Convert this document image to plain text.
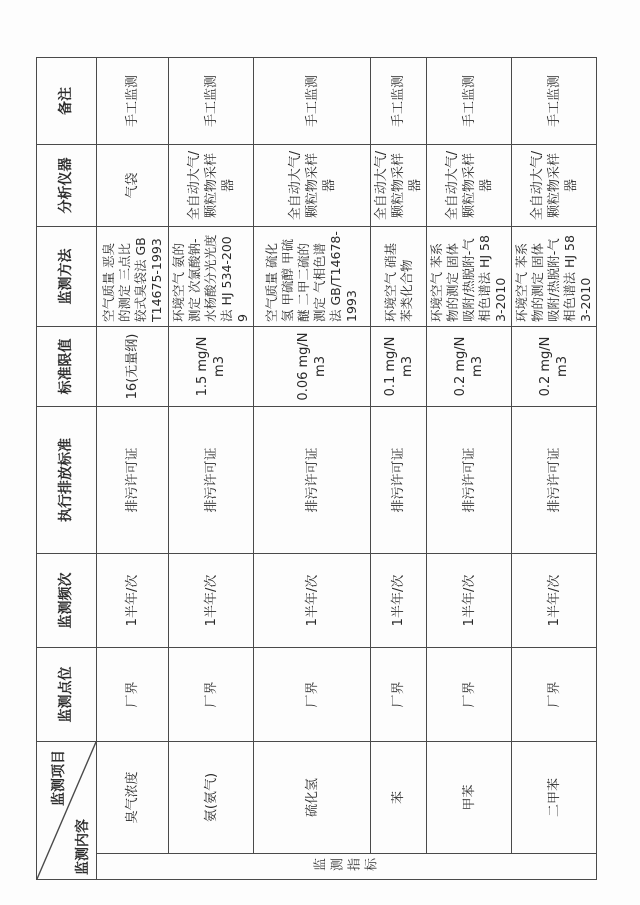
监测项目
监测内容		监测点位	监测频次	执行排放标准	标准限值	监测方法	分析仪器	备注

监测指标	臭气浓度	厂界	1半年/次	排污许可证	16(无量纲)	空气质量 恶臭的测定 三点比较式臭袋法 GB T14675-1993	气袋	手工监测
	氨(氨气)	厂界	1半年/次	排污许可证	1.5 mg/Nm3	环境空气 氨的测定 次氯酸钠-水杨酸分光光度法 HJ 534-2009	全自动大气/颗粒物采样器	手工监测
	硫化氢	厂界	1半年/次	排污许可证	0.06 mg/Nm3	空气质量 硫化氢 甲硫醇 甲硫醚 二甲二硫的测定 气相色谱法 GB/T14678-1993	全自动大气/颗粒物采样器	手工监测
	苯	厂界	1半年/次	排污许可证	0.1 mg/Nm3	环境空气 硝基苯类化合物	全自动大气/颗粒物采样器	手工监测
	甲苯	厂界	1半年/次	排污许可证	0.2 mg/Nm3	环境空气 苯系物的测定 固体吸附/热脱附-气相色谱法 HJ 583-2010	全自动大气/颗粒物采样器	手工监测
	二甲苯	厂界	1半年/次	排污许可证	0.2 mg/Nm3	环境空气 苯系物的测定 固体吸附/热脱附-气相色谱法 HJ 583-2010	全自动大气/颗粒物采样器	手工监测
